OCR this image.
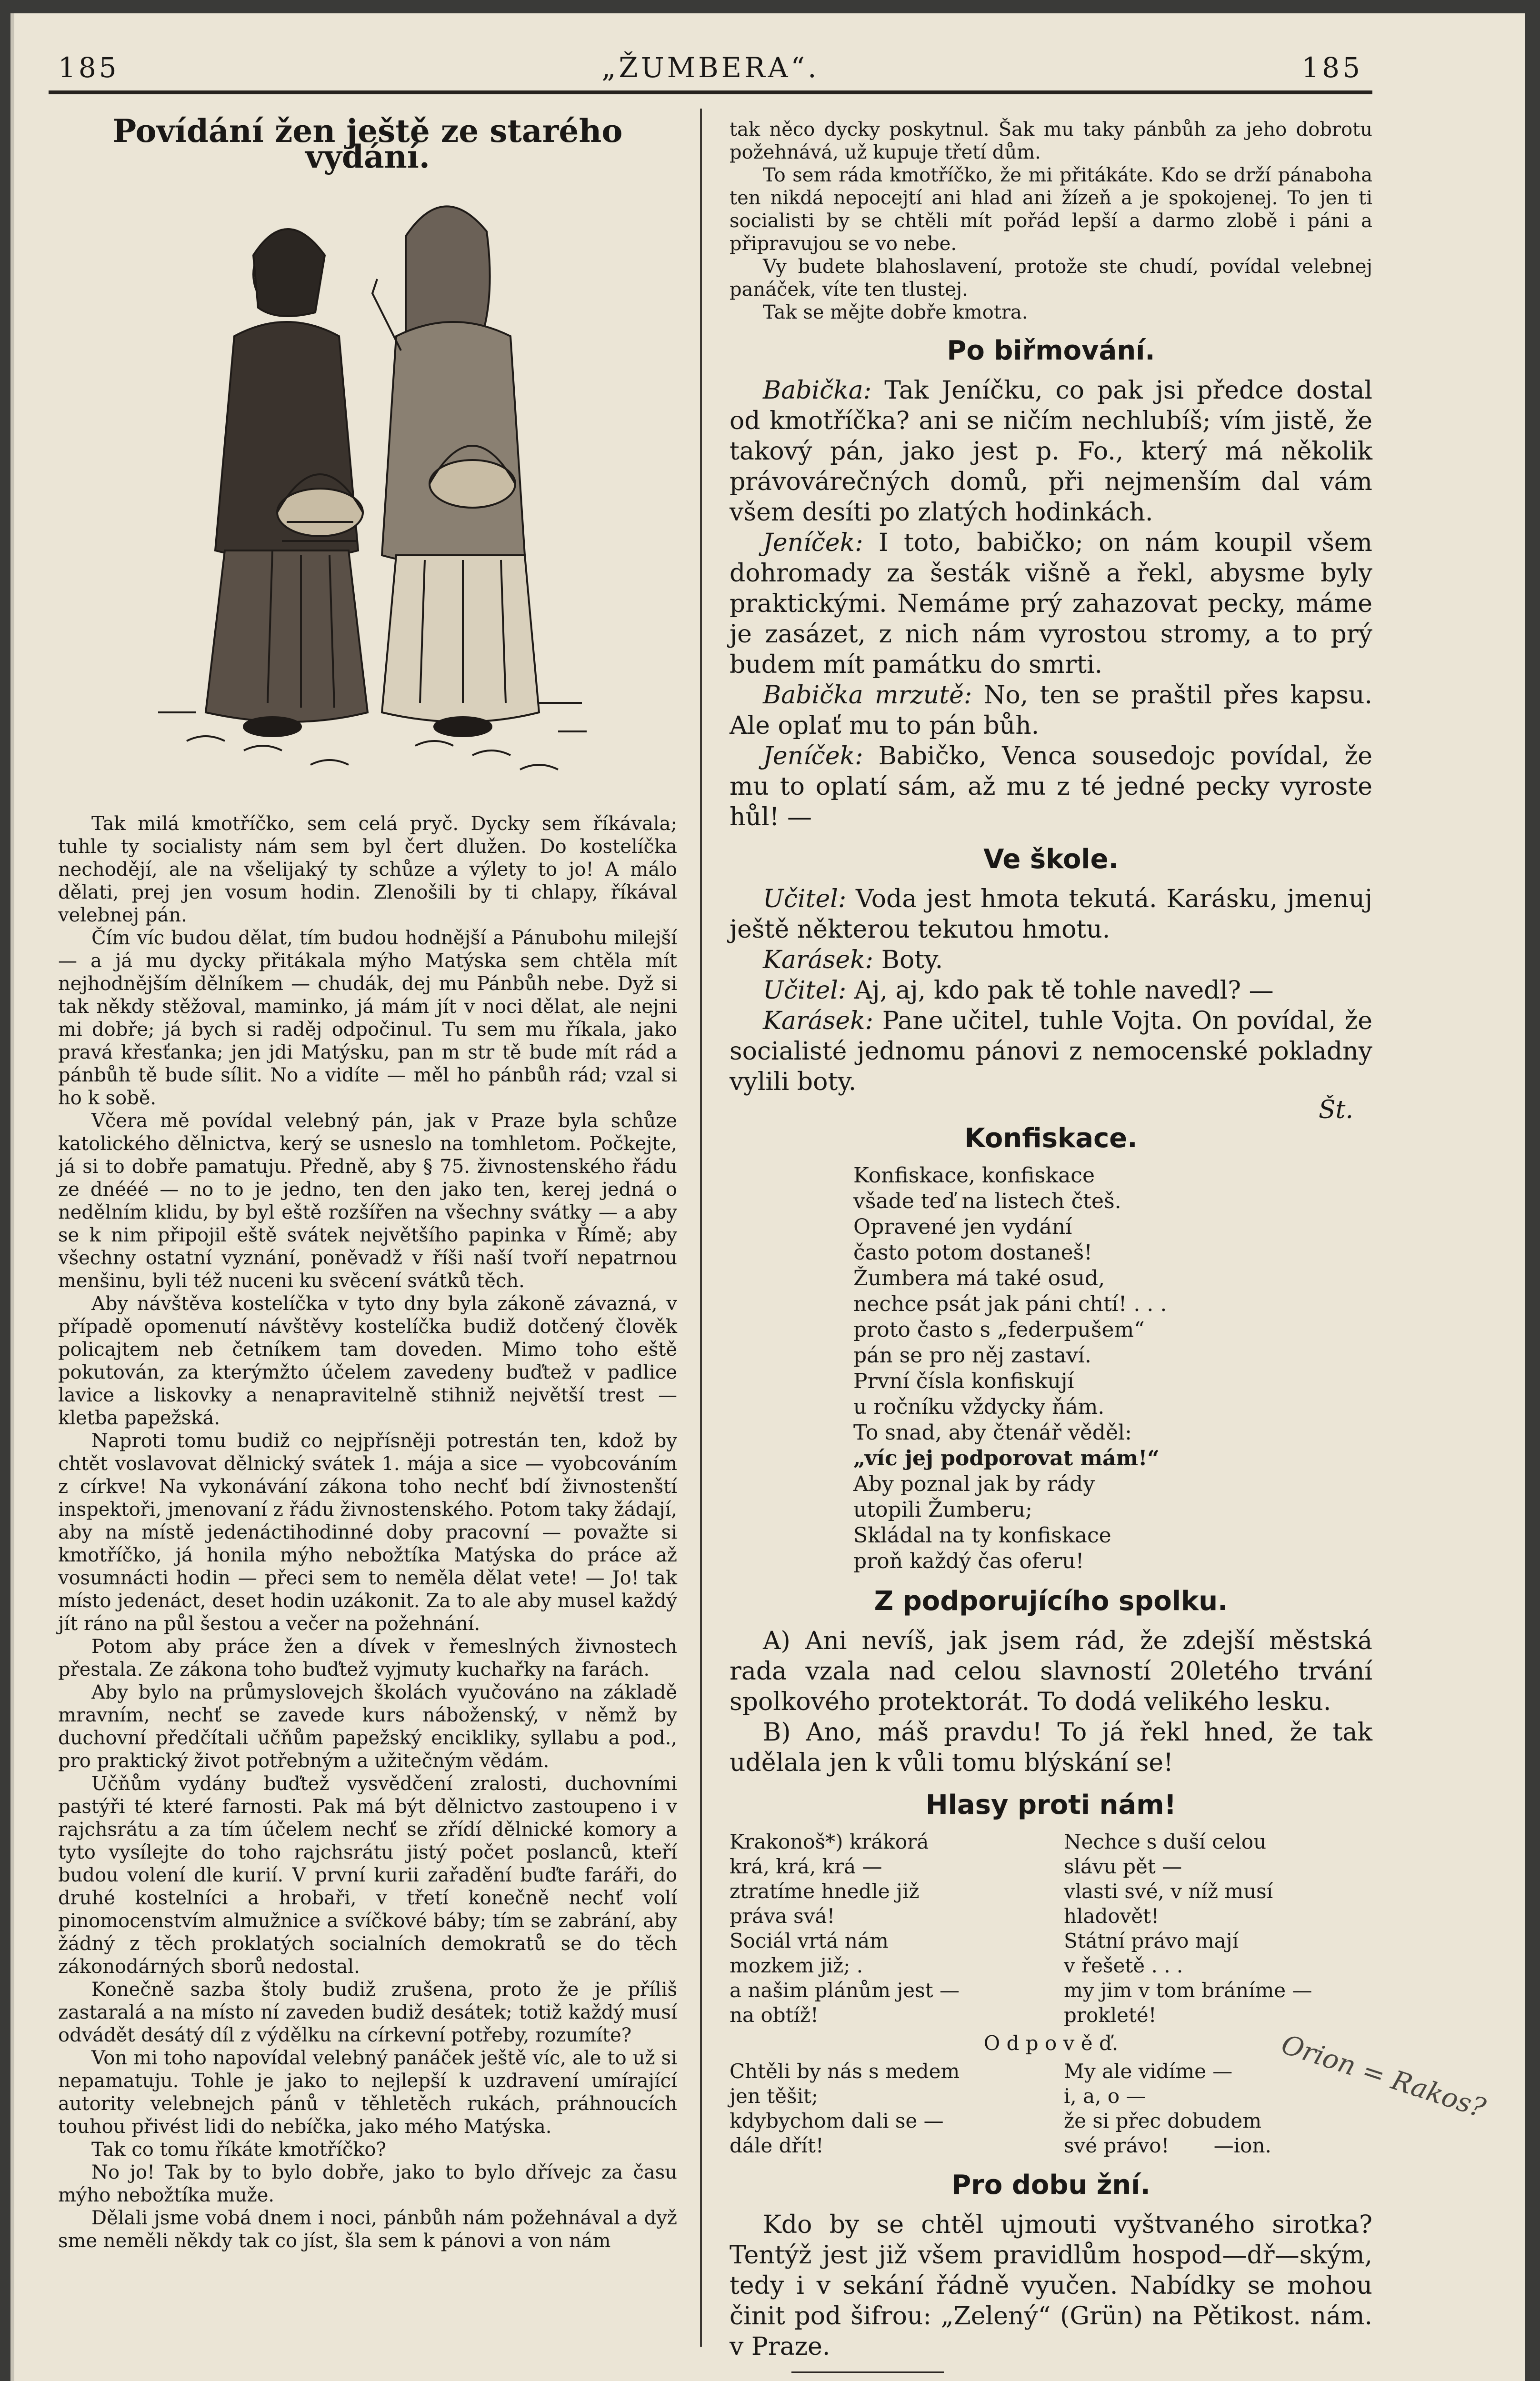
185	„ŽUMBERA“.	185
Povídání žen ještě ze starého vydání.

Tak milá kmotříčko, sem celá pryč. Dycky sem říkávala; tuhle ty socialisty nám sem byl čert dlužen. Do kostelíčka nechodějí, ale na všelijaký ty schůze a výlety to jo! A málo dělati, prej jen vosum hodin. Zlenošili by ti chlapy, říkával velebnej pán.

Čím víc budou dělat, tím budou hodnější a Pánubohu milejší — a já mu dycky přitákala mýho Matýska sem chtěla mít nejhodnějším dělníkem — chudák, dej mu Pánbůh nebe. Dyž si tak někdy stěžoval, maminko, já mám jít v noci dělat, ale nejni mi dobře; já bych si raděj odpočinul. Tu sem mu říkala, jako pravá křesťanka; jen jdi Matýsku, pan m str tě bude mít rád a pánbůh tě bude sílit. No a vidíte — měl ho pánbůh rád; vzal si ho k sobě.

Včera mě povídal velebný pán, jak v Praze byla schůze katolického dělnictva, kerý se usneslo na tomhletom. Počkejte, já si to dobře pamatuju. Předně, aby § 75. živnostenského řádu ze dnééé — no to je jedno, ten den jako ten, kerej jedná o nedělním klidu, by byl eště rozšířen na všechny svátky — a aby se k nim připojil eště svátek největšího papinka v Římě; aby všechny ostatní vyznání, poněvadž v říši naší tvoří nepatrnou menšinu, byli též nuceni ku svěcení svátků těch.

Aby návštěva kostelíčka v tyto dny byla zákoně závazná, v případě opomenutí návštěvy kostelíčka budiž dotčený člověk policajtem neb četníkem tam doveden. Mimo toho eště pokutován, za kterýmžto účelem zavedeny buďtež v padlice lavice a liskovky a nenapravitelně stihniž největší trest — kletba papežská.

Naproti tomu budiž co nejpřísněji potrestán ten, kdož by chtět voslavovat dělnický svátek 1. mája a sice — vyobcováním z církve! Na vykonávání zákona toho nechť bdí živnostenští inspektoři, jmenovaní z řádu živnostenského. Potom taky žádají, aby na místě jedenáctihodinné doby pracovní — považte si kmotříčko, já honila mýho nebožtíka Matýska do práce až vosumnácti hodin — přeci sem to neměla dělat vete! — Jo! tak místo jedenáct, deset hodin uzákonit. Za to ale aby musel každý jít ráno na půl šestou a večer na požehnání.

Potom aby práce žen a dívek v řemeslných živnostech přestala. Ze zákona toho buďtež vyjmuty kuchařky na farách.

Aby bylo na průmyslovejch školách vyučováno na základě mravním, nechť se zavede kurs náboženský, v němž by duchovní předčítali učňům papežský encikliky, syllabu a pod., pro praktický život potřebným a užitečným vědám.

Učňům vydány buďtež vysvědčení zralosti, duchovními pastýři té které farnosti. Pak má být dělnictvo zastoupeno i v rajchsrátu a za tím účelem nechť se zřídí dělnické komory a tyto vysílejte do toho rajchsrátu jistý počet poslanců, kteří budou volení dle kurií. V první kurii zařadění buďte faráři, do druhé kostelníci a hrobaři, v třetí konečně nechť volí pinomocenstvím almužnice a svíčkové báby; tím se zabrání, aby žádný z těch proklatých socialních demokratů se do těch zákonodárných sborů nedostal.

Konečně sazba štoly budiž zrušena, proto že je příliš zastaralá a na místo ní zaveden budiž desátek; totiž každý musí odvádět desátý díl z výdělku na církevní potřeby, rozumíte?

Von mi toho napovídal velebný panáček ještě víc, ale to už si nepamatuju. Tohle je jako to nejlepší k uzdravení umírající autority velebnejch pánů v těhletěch rukách, práhnoucích touhou přivést lidi do nebíčka, jako mého Matýska.

Tak co tomu říkáte kmotříčko?

No jo! Tak by to bylo dobře, jako to bylo dřívejc za času mýho nebožtíka muže.

Dělali jsme vobá dnem i noci, pánbůh nám požehnával a dyž sme neměli někdy tak co jíst, šla sem k pánovi a von nám

tak něco dycky poskytnul. Šak mu taky pánbůh za jeho dobrotu požehnává, už kupuje třetí dům.

To sem ráda kmotříčko, že mi přitákáte. Kdo se drží pánaboha ten nikdá nepocejtí ani hlad ani žízeň a je spokojenej. To jen ti socialisti by se chtěli mít pořád lepší a darmo zlobě i páni a připravujou se vo nebe.

Vy budete blahoslavení, protože ste chudí, povídal velebnej panáček, víte ten tlustej.

Tak se mějte dobře kmotra.

Po biřmování.

Babička: Tak Jeníčku, co pak jsi předce dostal od kmotříčka? ani se ničím nechlubíš; vím jistě, že takový pán, jako jest p. Fo., který má několik právovárečných domů, při nejmenším dal vám všem desíti po zlatých hodinkách.

Jeníček: I toto, babičko; on nám koupil všem dohromady za šesták višně a řekl, abysme byly praktickými. Nemáme prý zahazovat pecky, máme je zasázet, z nich nám vyrostou stromy, a to prý budem mít památku do smrti.

Babička mrzutě: No, ten se praštil přes kapsu. Ale oplať mu to pán bůh.

Jeníček: Babičko, Venca sousedojc povídal, že mu to oplatí sám, až mu z té jedné pecky vyroste hůl! —

Ve škole.

Učitel: Voda jest hmota tekutá. Karásku, jmenuj ještě některou tekutou hmotu.

Karásek: Boty.

Učitel: Aj, aj, kdo pak tě tohle navedl? —

Karásek: Pane učitel, tuhle Vojta. On povídal, že socialisté jednomu pánovi z nemocenské pokladny vylili boty.

Št.
Konfiskace.
Konfiskace, konfiskace
všade teď na listech čteš.
Opravené jen vydání
často potom dostaneš!
Žumbera má také osud,
nechce psát jak páni chtí! . . .
proto často s „federpušem“
pán se pro něj zastaví.
První čísla konfiskují
u ročníku vždycky ňám.
To snad, aby čtenář věděl:
„víc jej podporovat mám!“
Aby poznal jak by rády
utopili Žumberu;
Skládal na ty konfiskace
proň každý čas oferu!
Z podporujícího spolku.

A) Ani nevíš, jak jsem rád, že zdejší městská rada vzala nad celou slavností 20letého trvání spolkového protektorát. To dodá velikého lesku.

B) Ano, máš pravdu! To já řekl hned, že tak udělala jen k vůli tomu blýskání se!

Hlasy proti nám!
Krakonoš*) krákorá
krá, krá, krá —
ztratíme hnedle již
práva svá!
Sociál vrtá nám
mozkem již; .
a našim plánům jest —
na obtíž!
Nechce s duší celou
slávu pět —
vlasti své, v níž musí
hladovět!
Státní právo mají
v řešetě . . .
my jim v tom bráníme —
prokleté!
O d p o v ě ď.
Chtěli by nás s medem
jen těšit;
kdybychom dali se —
dále dřít!
My ale vidíme —
i, a, o —
že si přec dobudem
své právo! —ion.
Pro dobu žní.

Kdo by se chtěl ujmouti vyštvaného sirotka? Tentýž jest již všem pravidlům hospod—dř—ským, tedy i v sekání řádně vyučen. Nabídky se mohou činit pod šifrou: „Zelený“ (Grün) na Pětikost. nám. v Praze.

Orion = Rakos?
